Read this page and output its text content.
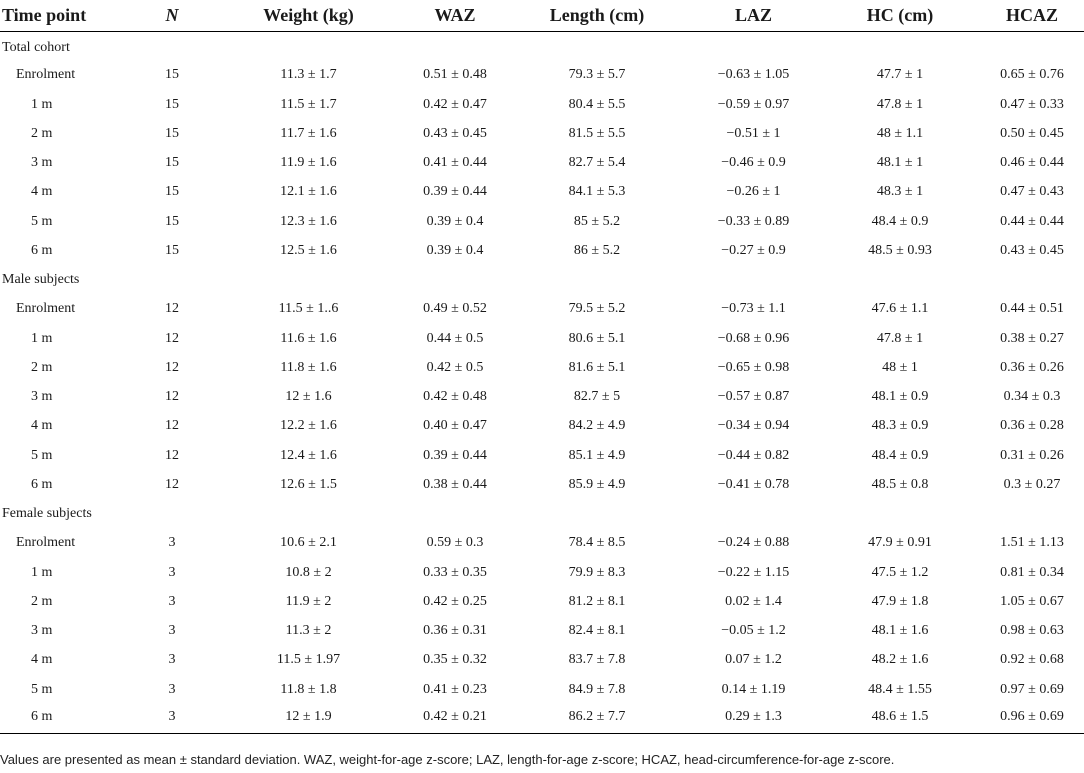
Time point	N	Weight (kg)	WAZ	Length (cm)	LAZ	HC (cm)	HCAZ
Total cohort							
Enrolment	15	11.3 ± 1.7	0.51 ± 0.48	79.3 ± 5.7	−0.63 ± 1.05	47.7 ± 1	0.65 ± 0.76
1 m	15	11.5 ± 1.7	0.42 ± 0.47	80.4 ± 5.5	−0.59 ± 0.97	47.8 ± 1	0.47 ± 0.33
2 m	15	11.7 ± 1.6	0.43 ± 0.45	81.5 ± 5.5	−0.51 ± 1	48 ± 1.1	0.50 ± 0.45
3 m	15	11.9 ± 1.6	0.41 ± 0.44	82.7 ± 5.4	−0.46 ± 0.9	48.1 ± 1	0.46 ± 0.44
4 m	15	12.1 ± 1.6	0.39 ± 0.44	84.1 ± 5.3	−0.26 ± 1	48.3 ± 1	0.47 ± 0.43
5 m	15	12.3 ± 1.6	0.39 ± 0.4	85 ± 5.2	−0.33 ± 0.89	48.4 ± 0.9	0.44 ± 0.44
6 m	15	12.5 ± 1.6	0.39 ± 0.4	86 ± 5.2	−0.27 ± 0.9	48.5 ± 0.93	0.43 ± 0.45
Male subjects							
Enrolment	12	11.5 ± 1..6	0.49 ± 0.52	79.5 ± 5.2	−0.73 ± 1.1	47.6 ± 1.1	0.44 ± 0.51
1 m	12	11.6 ± 1.6	0.44 ± 0.5	80.6 ± 5.1	−0.68 ± 0.96	47.8 ± 1	0.38 ± 0.27
2 m	12	11.8 ± 1.6	0.42 ± 0.5	81.6 ± 5.1	−0.65 ± 0.98	48 ± 1	0.36 ± 0.26
3 m	12	12 ± 1.6	0.42 ± 0.48	82.7 ± 5	−0.57 ± 0.87	48.1 ± 0.9	0.34 ± 0.3
4 m	12	12.2 ± 1.6	0.40 ± 0.47	84.2 ± 4.9	−0.34 ± 0.94	48.3 ± 0.9	0.36 ± 0.28
5 m	12	12.4 ± 1.6	0.39 ± 0.44	85.1 ± 4.9	−0.44 ± 0.82	48.4 ± 0.9	0.31 ± 0.26
6 m	12	12.6 ± 1.5	0.38 ± 0.44	85.9 ± 4.9	−0.41 ± 0.78	48.5 ± 0.8	0.3 ± 0.27
Female subjects							
Enrolment	3	10.6 ± 2.1	0.59 ± 0.3	78.4 ± 8.5	−0.24 ± 0.88	47.9 ± 0.91	1.51 ± 1.13
1 m	3	10.8 ± 2	0.33 ± 0.35	79.9 ± 8.3	−0.22 ± 1.15	47.5 ± 1.2	0.81 ± 0.34
2 m	3	11.9 ± 2	0.42 ± 0.25	81.2 ± 8.1	0.02 ± 1.4	47.9 ± 1.8	1.05 ± 0.67
3 m	3	11.3 ± 2	0.36 ± 0.31	82.4 ± 8.1	−0.05 ± 1.2	48.1 ± 1.6	0.98 ± 0.63
4 m	3	11.5 ± 1.97	0.35 ± 0.32	83.7 ± 7.8	0.07 ± 1.2	48.2 ± 1.6	0.92 ± 0.68
5 m	3	11.8 ± 1.8	0.41 ± 0.23	84.9 ± 7.8	0.14 ± 1.19	48.4 ± 1.55	0.97 ± 0.69
6 m	3	12 ± 1.9	0.42 ± 0.21	86.2 ± 7.7	0.29 ± 1.3	48.6 ± 1.5	0.96 ± 0.69
Values are presented as mean ± standard deviation. WAZ, weight-for-age z-score; LAZ, length-for-age z-score; HCAZ, head-circumference-for-age z-score.
